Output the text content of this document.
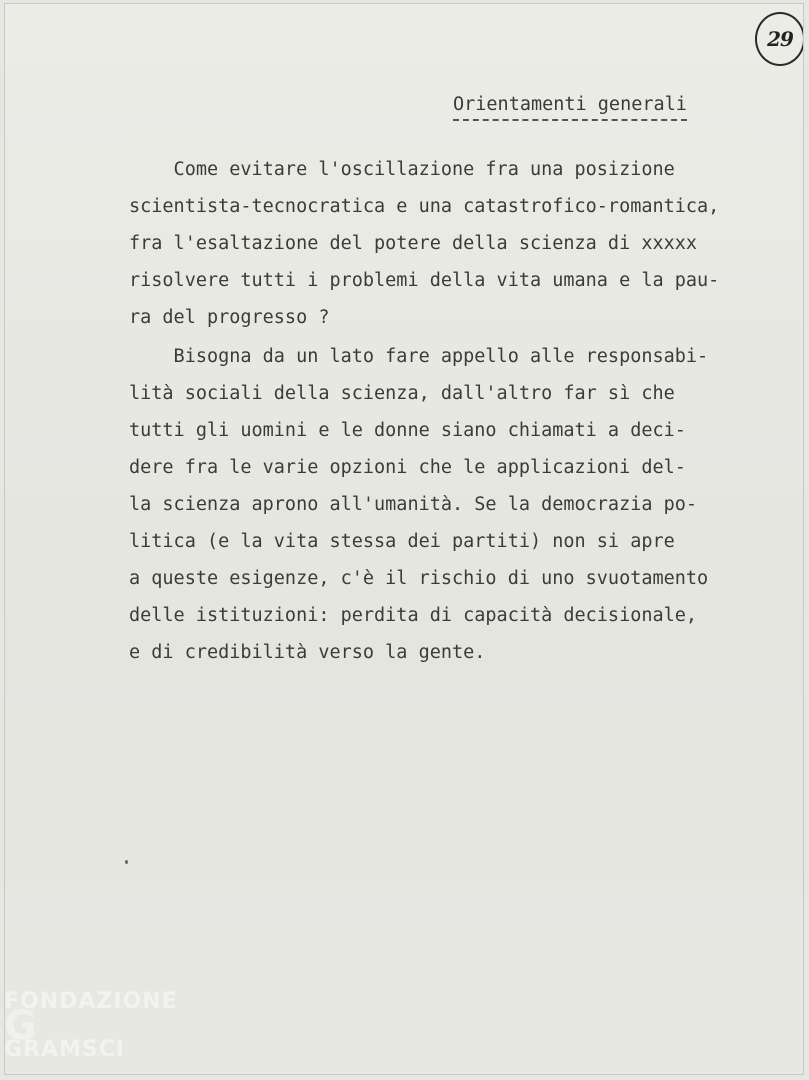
29
Orientamenti generali
Come evitare l'oscillazione fra una posizione
scientista-tecnocratica e una catastrofico-romantica,
fra l'esaltazione del potere della scienza di xxxxx
risolvere tutti i problemi della vita umana e la pau-
ra del progresso ?
Bisogna da un lato fare appello alle responsabi-
lità sociali della scienza, dall'altro far sì che
tutti gli uomini e le donne siano chiamati a deci-
dere fra le varie opzioni che le applicazioni del-
la scienza aprono all'umanità. Se la democrazia po-
litica (e la vita stessa dei partiti) non si apre
a queste esigenze, c'è il rischio di uno svuotamento
delle istituzioni: perdita di capacità decisionale,
e di credibilità verso la gente.
FONDAZIONE
G
GRAMSCI
